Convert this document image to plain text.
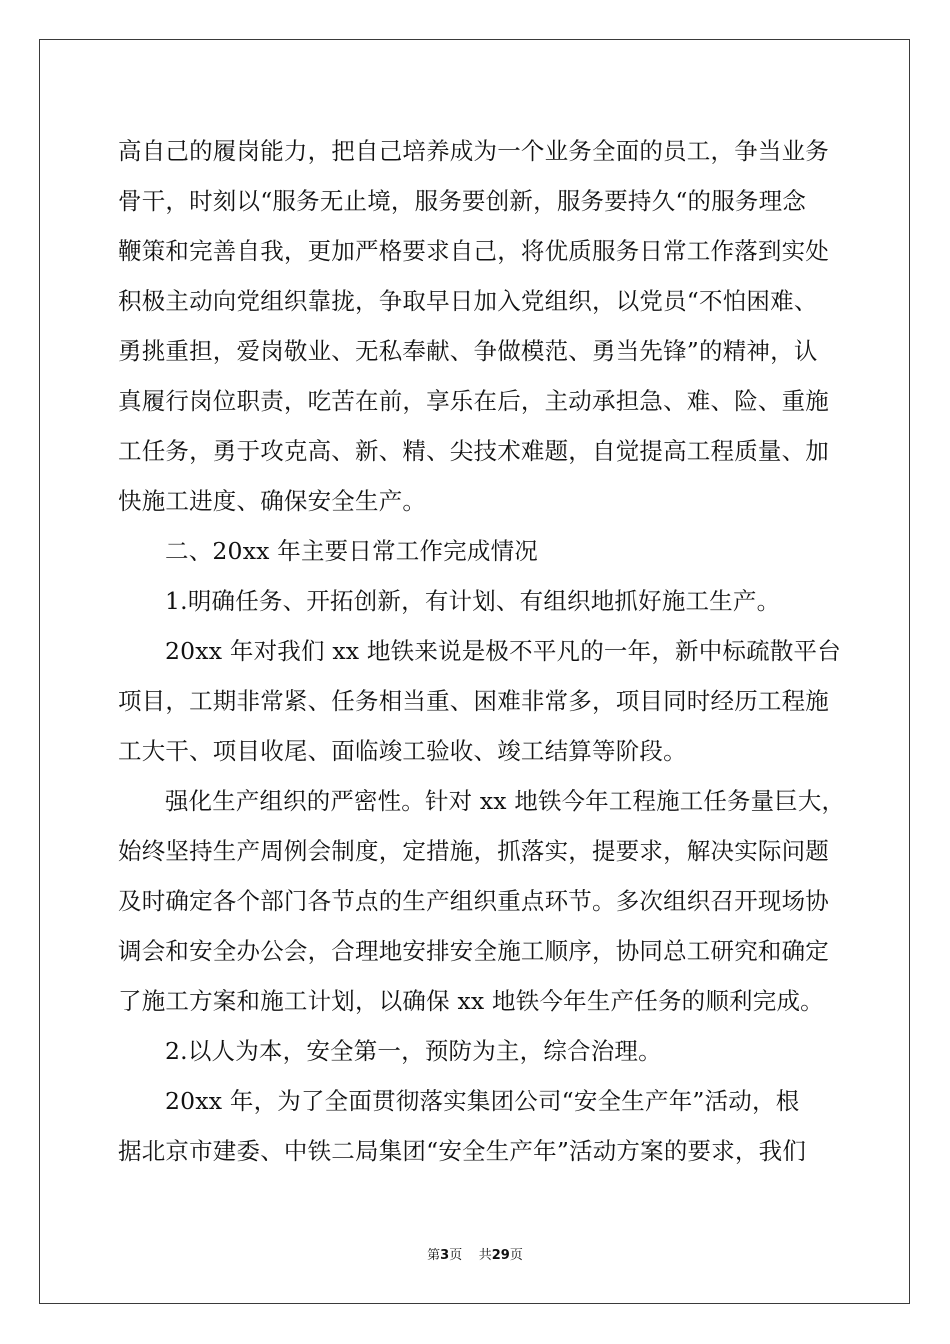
高自己的履岗能力，把自己培养成为一个业务全面的员工，争当业务
骨干，时刻以“服务无止境，服务要创新，服务要持久“的服务理念
鞭策和完善自我，更加严格要求自己，将优质服务日常工作落到实处
积极主动向党组织靠拢，争取早日加入党组织，以党员“不怕困难、
勇挑重担，爱岗敬业、无私奉献、争做模范、勇当先锋”的精神，认
真履行岗位职责，吃苦在前，享乐在后，主动承担急、难、险、重施
工任务，勇于攻克高、新、精、尖技术难题，自觉提高工程质量、加
快施工进度、确保安全生产。
二、20xx 年主要日常工作完成情况
1.明确任务、开拓创新，有计划、有组织地抓好施工生产。
20xx 年对我们 xx 地铁来说是极不平凡的一年，新中标疏散平台
项目，工期非常紧、任务相当重、困难非常多，项目同时经历工程施
工大干、项目收尾、面临竣工验收、竣工结算等阶段。
强化生产组织的严密性。针对 xx 地铁今年工程施工任务量巨大，
始终坚持生产周例会制度，定措施，抓落实，提要求，解决实际问题
及时确定各个部门各节点的生产组织重点环节。多次组织召开现场协
调会和安全办公会，合理地安排安全施工顺序，协同总工研究和确定
了施工方案和施工计划，以确保 xx 地铁今年生产任务的顺利完成。
2.以人为本，安全第一，预防为主，综合治理。
20xx 年，为了全面贯彻落实集团公司“安全生产年”活动，根
据北京市建委、中铁二局集团“安全生产年”活动方案的要求，我们
第3页 共29页
